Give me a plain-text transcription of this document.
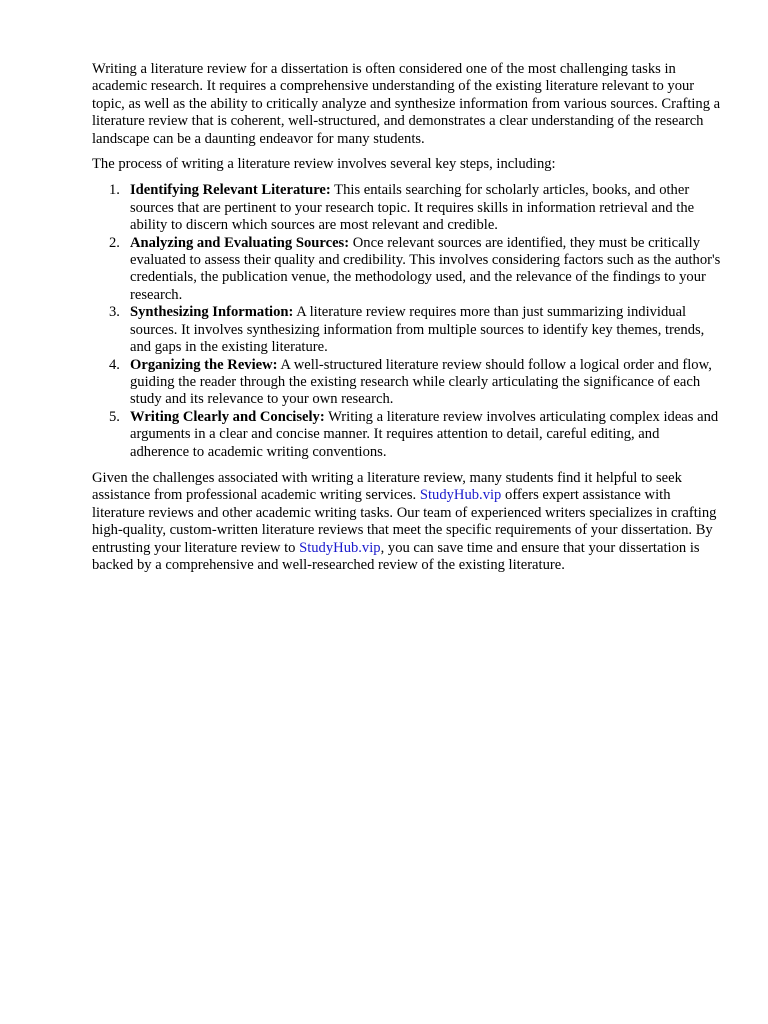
Writing a literature review for a dissertation is often considered one of the most challenging tasks in academic research. It requires a comprehensive understanding of the existing literature relevant to your topic, as well as the ability to critically analyze and synthesize information from various sources. Crafting a literature review that is coherent, well-structured, and demonstrates a clear understanding of the research landscape can be a daunting endeavor for many students.

The process of writing a literature review involves several key steps, including:

1. Identifying Relevant Literature: This entails searching for scholarly articles, books, and other sources that are pertinent to your research topic. It requires skills in information retrieval and the ability to discern which sources are most relevant and credible.
2. Analyzing and Evaluating Sources: Once relevant sources are identified, they must be critically evaluated to assess their quality and credibility. This involves considering factors such as the author's credentials, the publication venue, the methodology used, and the relevance of the findings to your research.
3. Synthesizing Information: A literature review requires more than just summarizing individual sources. It involves synthesizing information from multiple sources to identify key themes, trends, and gaps in the existing literature.
4. Organizing the Review: A well-structured literature review should follow a logical order and flow, guiding the reader through the existing research while clearly articulating the significance of each study and its relevance to your own research.
5. Writing Clearly and Concisely: Writing a literature review involves articulating complex ideas and arguments in a clear and concise manner. It requires attention to detail, careful editing, and adherence to academic writing conventions.

Given the challenges associated with writing a literature review, many students find it helpful to seek assistance from professional academic writing services. StudyHub.vip offers expert assistance with literature reviews and other academic writing tasks. Our team of experienced writers specializes in crafting high-quality, custom-written literature reviews that meet the specific requirements of your dissertation. By entrusting your literature review to StudyHub.vip, you can save time and ensure that your dissertation is backed by a comprehensive and well-researched review of the existing literature.
